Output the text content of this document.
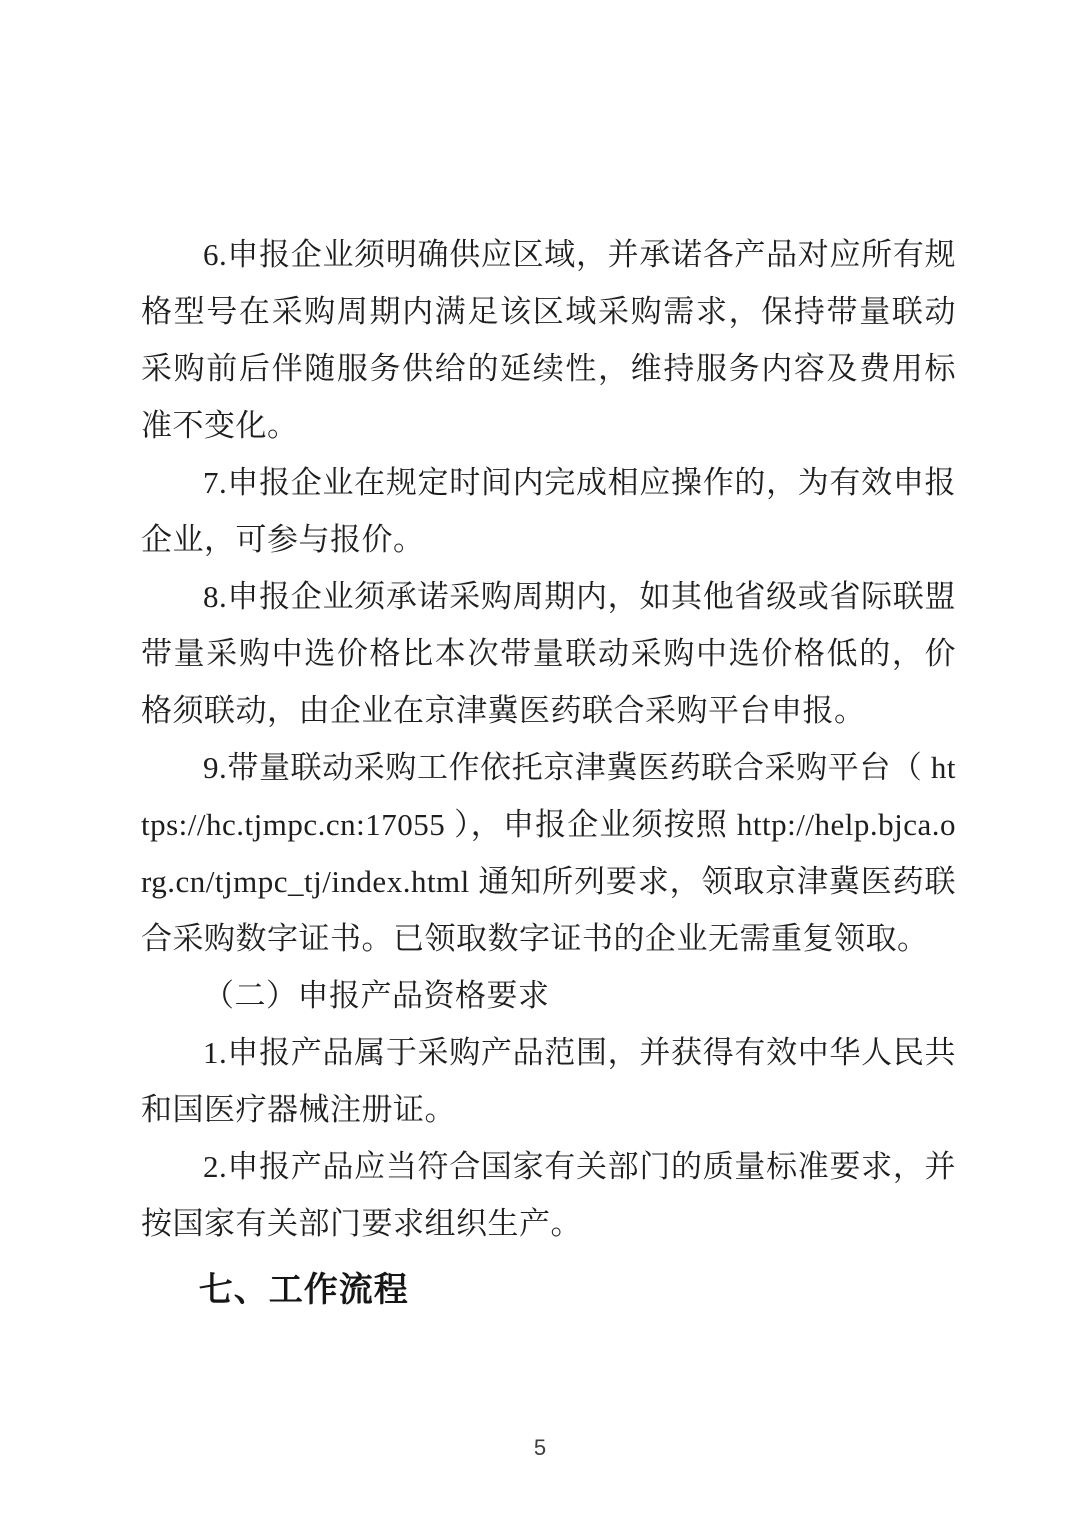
6.申报企业须明确供应区域，并承诺各产品对应所有规格型号在采购周期内满足该区域采购需求，保持带量联动采购前后伴随服务供给的延续性，维持服务内容及费用标准不变化。

7.申报企业在规定时间内完成相应操作的，为有效申报企业，可参与报价。

8.申报企业须承诺采购周期内，如其他省级或省际联盟带量采购中选价格比本次带量联动采购中选价格低的，价格须联动，由企业在京津冀医药联合采购平台申报。

9.带量联动采购工作依托京津冀医药联合采购平台（ https://hc.tjmpc.cn:17055 ），申报企业须按照 http://help.bjca.org.cn/tjmpc_tj/index.html 通知所列要求，领取京津冀医药联合采购数字证书。已领取数字证书的企业无需重复领取。

（二）申报产品资格要求

1.申报产品属于采购产品范围，并获得有效中华人民共和国医疗器械注册证。

2.申报产品应当符合国家有关部门的质量标准要求，并按国家有关部门要求组织生产。

七、工作流程
5
